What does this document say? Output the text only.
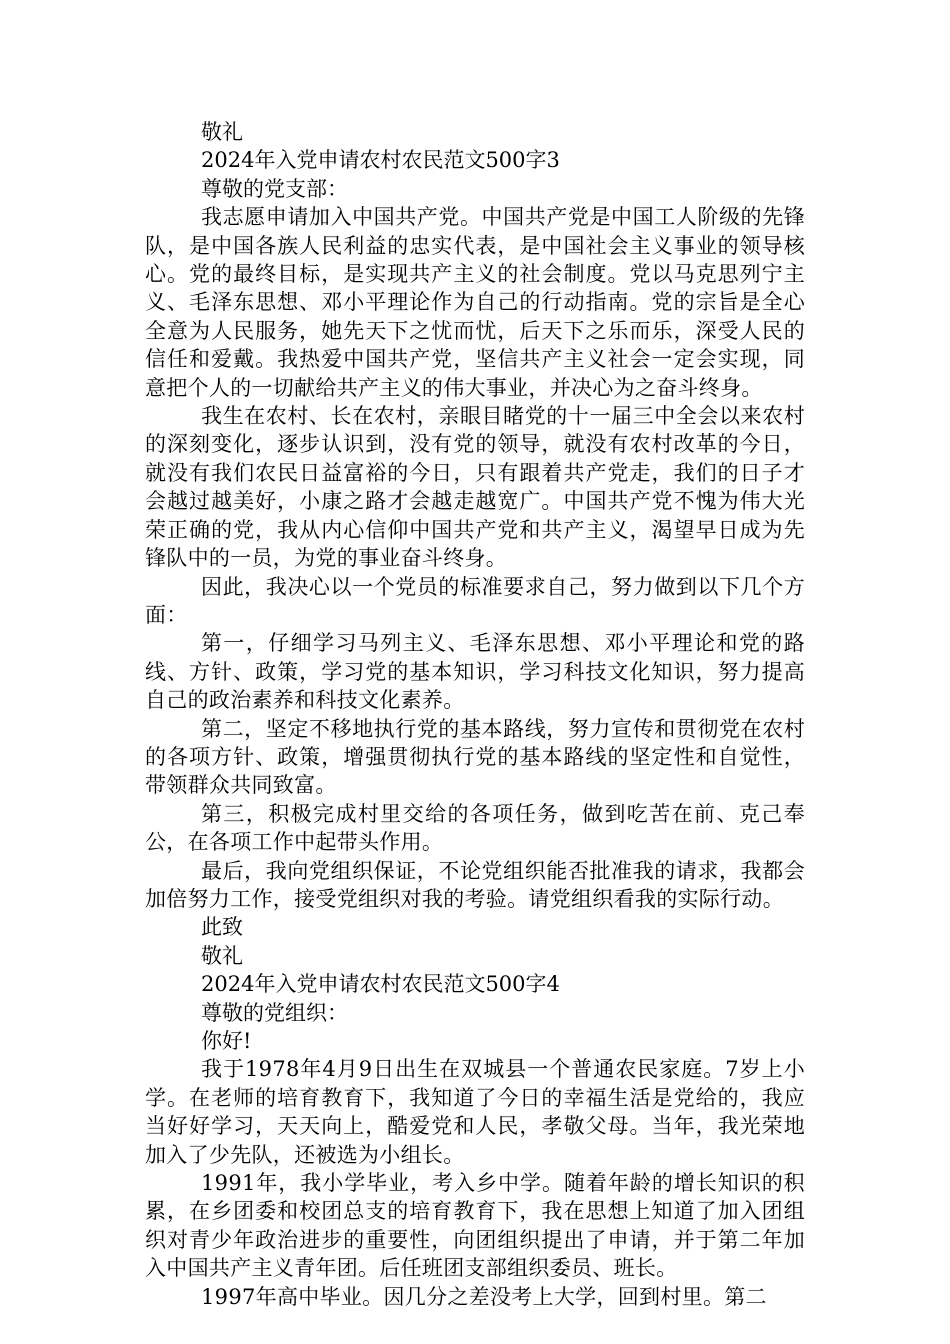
敬礼

2024年入党申请农村农民范文500字3

尊敬的党支部：

我志愿申请加入中国共产党。中国共产党是中国工人阶级的先锋队，是中国各族人民利益的忠实代表，是中国社会主义事业的领导核心。党的最终目标，是实现共产主义的社会制度。党以马克思列宁主义、毛泽东思想、邓小平理论作为自己的行动指南。党的宗旨是全心全意为人民服务，她先天下之忧而忧，后天下之乐而乐，深受人民的信任和爱戴。我热爱中国共产党，坚信共产主义社会一定会实现，同意把个人的一切献给共产主义的伟大事业，并决心为之奋斗终身。

我生在农村、长在农村，亲眼目睹党的十一届三中全会以来农村的深刻变化，逐步认识到，没有党的领导，就没有农村改革的今日，就没有我们农民日益富裕的今日，只有跟着共产党走，我们的日子才会越过越美好，小康之路才会越走越宽广。中国共产党不愧为伟大光荣正确的党，我从内心信仰中国共产党和共产主义，渴望早日成为先锋队中的一员，为党的事业奋斗终身。

因此，我决心以一个党员的标准要求自己，努力做到以下几个方面：

第一，仔细学习马列主义、毛泽东思想、邓小平理论和党的路线、方针、政策，学习党的基本知识，学习科技文化知识，努力提高自己的政治素养和科技文化素养。

第二，坚定不移地执行党的基本路线，努力宣传和贯彻党在农村的各项方针、政策，增强贯彻执行党的基本路线的坚定性和自觉性，带领群众共同致富。

第三，积极完成村里交给的各项任务，做到吃苦在前、克己奉公，在各项工作中起带头作用。

最后，我向党组织保证，不论党组织能否批准我的请求，我都会加倍努力工作，接受党组织对我的考验。请党组织看我的实际行动。

此致

敬礼

2024年入党申请农村农民范文500字4

尊敬的党组织：

你好!

我于1978年4月9日出生在双城县一个普通农民家庭。7岁上小学。在老师的培育教育下，我知道了今日的幸福生活是党给的，我应当好好学习，天天向上，酷爱党和人民，孝敬父母。当年，我光荣地加入了少先队，还被选为小组长。

1991年，我小学毕业，考入乡中学。随着年龄的增长知识的积累，在乡团委和校团总支的培育教育下，我在思想上知道了加入团组织对青少年政治进步的重要性，向团组织提出了申请，并于第二年加入中国共产主义青年团。后任班团支部组织委员、班长。

1997年高中毕业。因几分之差没考上大学，回到村里。第二
